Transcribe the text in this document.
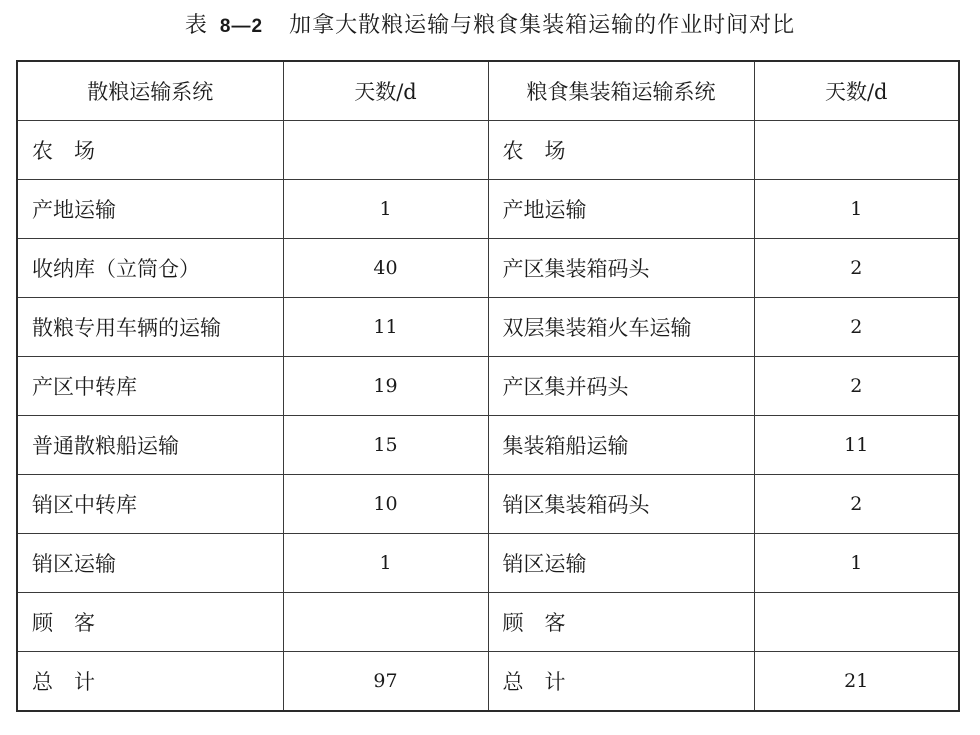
表 8—2 加拿大散粮运输与粮食集装箱运输的作业时间对比
散粮运输系统	天数/d	粮食集装箱运输系统	天数/d
农　场		农　场	
产地运输	1	产地运输	1
收纳库（立筒仓）	40	产区集装箱码头	2
散粮专用车辆的运输	11	双层集装箱火车运输	2
产区中转库	19	产区集并码头	2
普通散粮船运输	15	集装箱船运输	11
销区中转库	10	销区集装箱码头	2
销区运输	1	销区运输	1
顾　客		顾　客	
总　计	97	总　计	21
